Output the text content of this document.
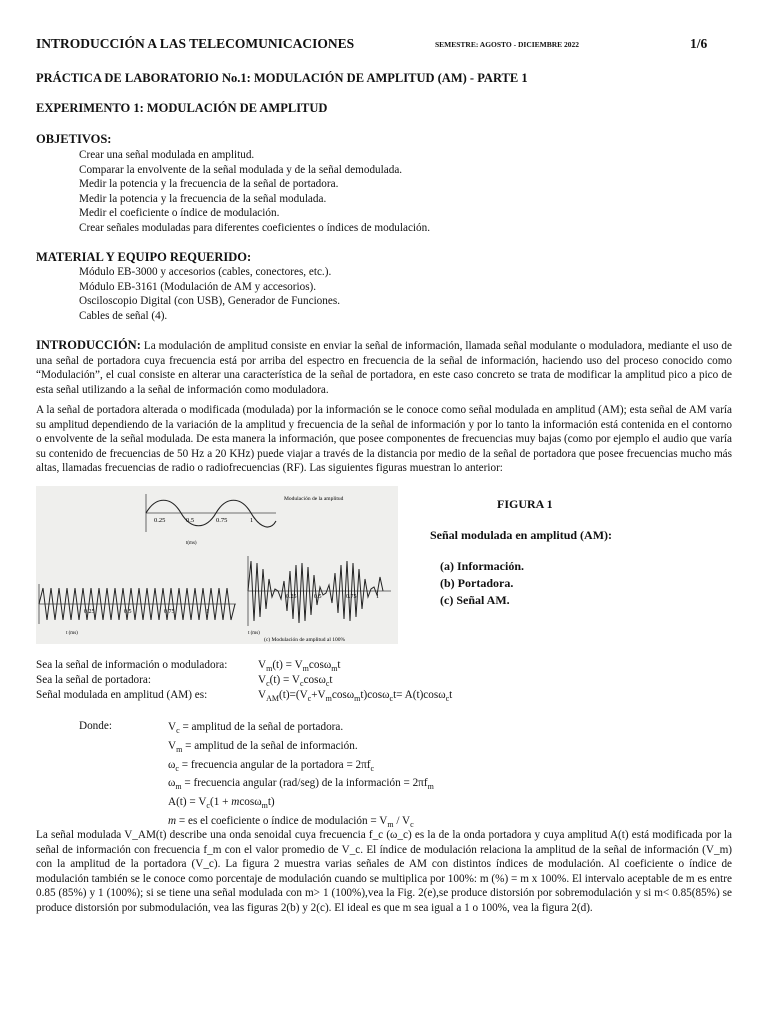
INTRODUCCIÓN A LAS TELECOMUNICACIONES	SEMESTRE: AGOSTO - DICIEMBRE 2022	1/6
PRÁCTICA DE LABORATORIO No.1: MODULACIÓN DE AMPLITUD (AM) - PARTE 1
EXPERIMENTO 1: MODULACIÓN DE AMPLITUD
OBJETIVOS:
Crear una señal modulada en amplitud.
Comparar la envolvente de la señal modulada y de la señal demodulada.
Medir la potencia y la frecuencia de la señal de portadora.
Medir la potencia y la frecuencia de la señal modulada.
Medir el coeficiente o índice de modulación.
Crear señales moduladas para diferentes coeficientes o índices de modulación.
MATERIAL Y EQUIPO REQUERIDO:
Módulo EB-3000 y accesorios (cables, conectores, etc.).
Módulo EB-3161 (Modulación de AM y accesorios).
Osciloscopio Digital (con USB), Generador de Funciones.
Cables de señal (4).
INTRODUCCIÓN: La modulación de amplitud consiste en enviar la señal de información, llamada señal modulante o moduladora, mediante el uso de una señal de portadora cuya frecuencia está por arriba del espectro en frecuencia de la señal de información, haciendo uso del proceso conocido como “Modulación”, el cual consiste en alterar una característica de la señal de portadora, en este caso concreto se trata de modificar la amplitud pico a pico de esta señal utilizando a la señal de información como moduladora.
A la señal de portadora alterada o modificada (modulada) por la información se le conoce como señal modulada en amplitud (AM); esta señal de AM varía su amplitud dependiendo de la variación de la amplitud y frecuencia de la señal de información y por lo tanto la información está contenida en el contorno o envolvente de la señal modulada. De esta manera la información, que posee componentes de frecuencias muy bajas (como por ejemplo el audio que varía su contenido de frecuencias de 50 Hz a 20 KHz) puede viajar a través de la distancia por medio de la señal de portadora que posee frecuencias mucho más altas, llamadas frecuencias de radio o radiofrecuencias (RF). Las siguientes figuras muestran lo anterior:
0.25	0.5	0.75	1
t(ms)
Modulación de la amplitud
0.25	0.5	0.75	1
t (ms)
0.25	0.5	0.75	1
t (ms)
(c) Modulación de amplitud al 100%
FIGURA 1
Señal modulada en amplitud (AM):
(a) Información.
(b) Portadora.
(c) Señal AM.
Sea la señal de información o moduladora:	$V_m(t) = V_m\cos\omega_mt$
Sea la señal de portadora:	$V_c(t) = V_c\cos\omega_ct$
Señal modulada en amplitud (AM) es:	$V_{AM}(t)=(V_c+V_m\cos\omega_mt)\cos\omega_ct= A(t)\cos\omega_ct$
Donde:	$V_c$ = amplitud de la señal de portadora.
$V_m$ = amplitud de la señal de información.
$\omega_c$ = frecuencia angular de la portadora = $2\pi f_c$
$\omega_m$ = frecuencia angular (rad/seg) de la información = $2\pi f_m$
$A(t) = V_c(1 + mcos\omega_mt)$
m = es el coeficiente o índice de modulación = $V_m / V_c$
La señal modulada V_AM(t) describe una onda senoidal cuya frecuencia f_c (ω_c) es la de la onda portadora y cuya amplitud A(t) está modificada por la señal de información con frecuencia f_m con el valor promedio de V_c. El índice de modulación relaciona la amplitud de la señal de información (V_m) con la amplitud de la portadora (V_c). La figura 2 muestra varias señales de AM con distintos índices de modulación. Al coeficiente o índice de modulación también se le conoce como porcentaje de modulación cuando se multiplica por 100%: m (%) = m x 100%. El intervalo aceptable de m es entre 0.85 (85%) y 1 (100%); si se tiene una señal modulada con m> 1 (100%),vea la Fig. 2(e),se produce distorsión por sobremodulación y si m< 0.85(85%) se produce distorsión por submodulación, vea las figuras 2(b) y 2(c). El ideal es que m sea igual a 1 o 100%, vea la figura 2(d).
